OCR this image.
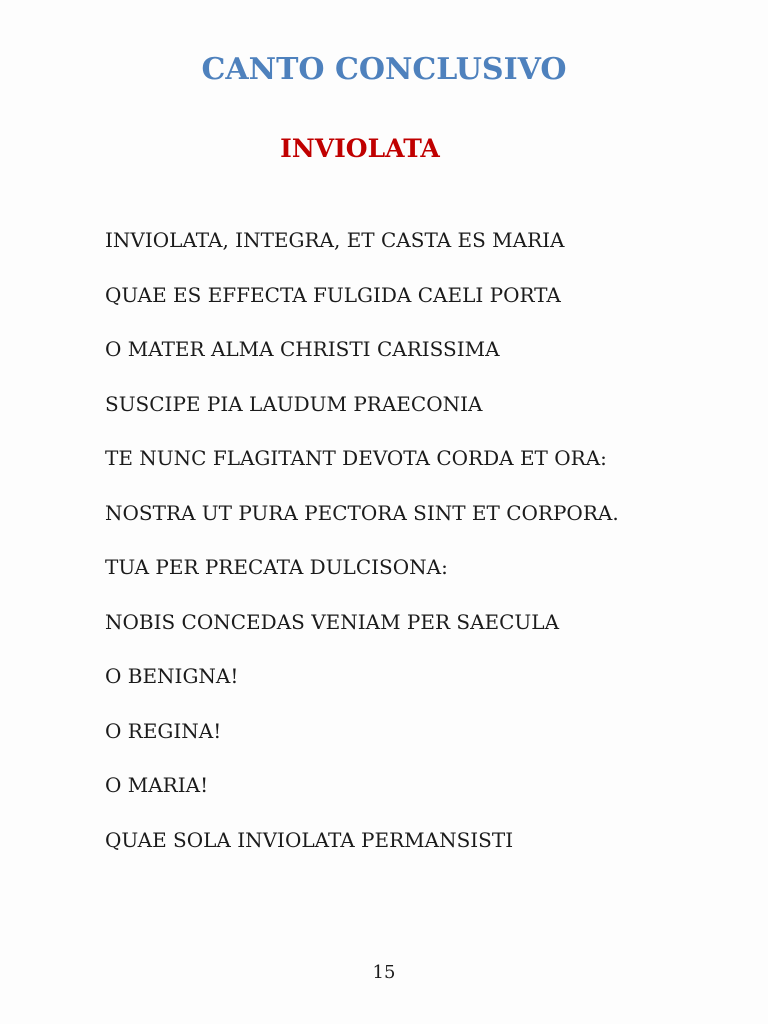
CANTO CONCLUSIVO
INVIOLATA
INVIOLATA, INTEGRA, ET CASTA ES MARIA
QUAE ES EFFECTA FULGIDA CAELI PORTA
O MATER ALMA CHRISTI CARISSIMA
SUSCIPE PIA LAUDUM PRAECONIA
TE NUNC FLAGITANT DEVOTA CORDA ET ORA:
NOSTRA UT PURA PECTORA SINT ET CORPORA.
TUA PER PRECATA DULCISONA:
NOBIS CONCEDAS VENIAM PER SAECULA
O BENIGNA!
O REGINA!
O MARIA!
QUAE SOLA INVIOLATA PERMANSISTI
15
